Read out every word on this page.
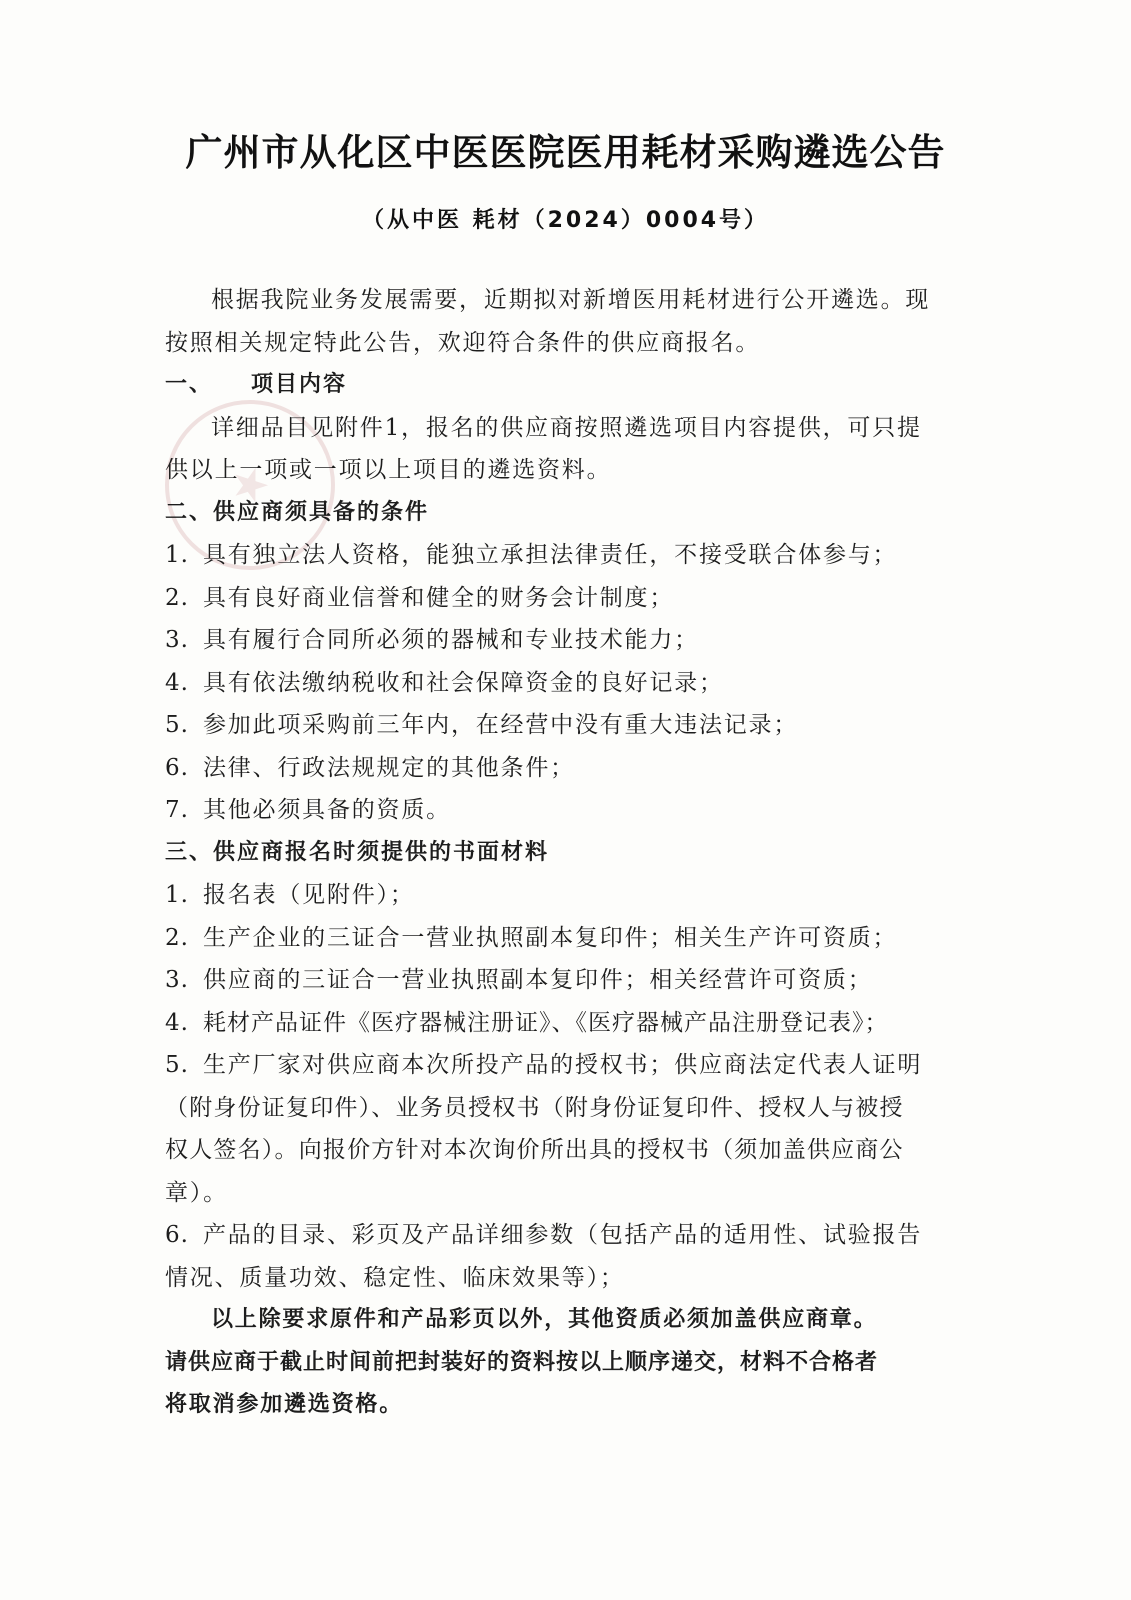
广州市从化区中医医院医用耗材采购遴选公告
（从中医 耗材（2024）0004号）
根据我院业务发展需要，近期拟对新增医用耗材进行公开遴选。现
按照相关规定特此公告，欢迎符合条件的供应商报名。
一、 项目内容
详细品目见附件1，报名的供应商按照遴选项目内容提供，可只提
供以上一项或一项以上项目的遴选资料。
二、供应商须具备的条件
1. 具有独立法人资格，能独立承担法律责任，不接受联合体参与；
2. 具有良好商业信誉和健全的财务会计制度；
3. 具有履行合同所必须的器械和专业技术能力；
4. 具有依法缴纳税收和社会保障资金的良好记录；
5. 参加此项采购前三年内，在经营中没有重大违法记录；
6. 法律、行政法规规定的其他条件；
7. 其他必须具备的资质。
三、供应商报名时须提供的书面材料
1. 报名表（见附件）；
2. 生产企业的三证合一营业执照副本复印件；相关生产许可资质；
3. 供应商的三证合一营业执照副本复印件；相关经营许可资质；
4. 耗材产品证件《医疗器械注册证》、《医疗器械产品注册登记表》；
5. 生产厂家对供应商本次所投产品的授权书；供应商法定代表人证明
（附身份证复印件）、业务员授权书（附身份证复印件、授权人与被授
权人签名）。向报价方针对本次询价所出具的授权书（须加盖供应商公
章）。
6. 产品的目录、彩页及产品详细参数（包括产品的适用性、试验报告
情况、质量功效、稳定性、临床效果等）；
以上除要求原件和产品彩页以外，其他资质必须加盖供应商章。
请供应商于截止时间前把封装好的资料按以上顺序递交，材料不合格者
将取消参加遴选资格。
